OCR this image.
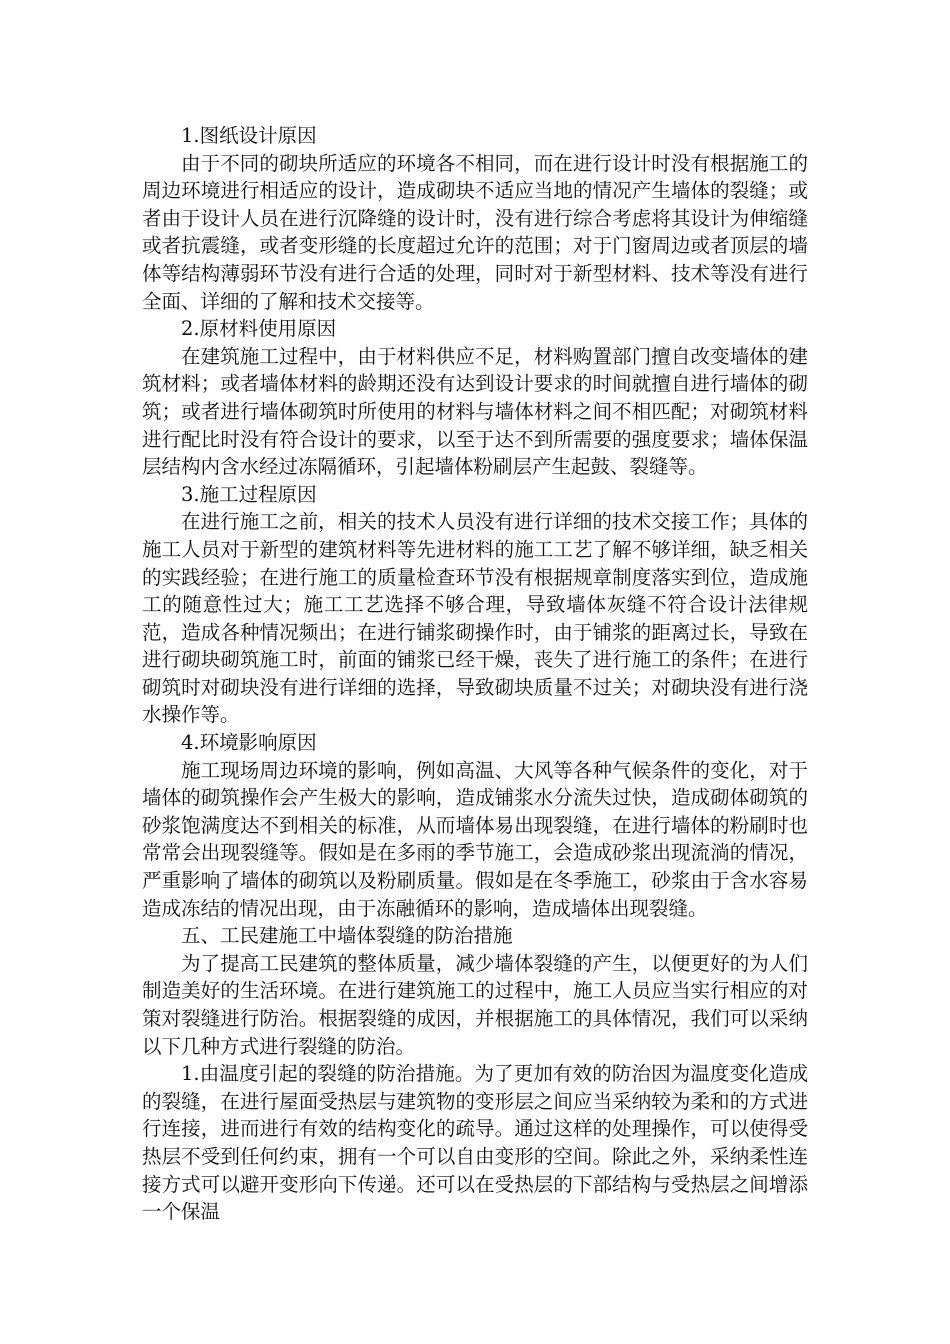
1.图纸设计原因

由于不同的砌块所适应的环境各不相同，而在进行设计时没有根据施工的周边环境进行相适应的设计，造成砌块不适应当地的情况产生墙体的裂缝；或者由于设计人员在进行沉降缝的设计时，没有进行综合考虑将其设计为伸缩缝或者抗震缝，或者变形缝的长度超过允许的范围；对于门窗周边或者顶层的墙体等结构薄弱环节没有进行合适的处理，同时对于新型材料、技术等没有进行全面、详细的了解和技术交接等。

2.原材料使用原因

在建筑施工过程中，由于材料供应不足，材料购置部门擅自改变墙体的建筑材料；或者墙体材料的龄期还没有达到设计要求的时间就擅自进行墙体的砌筑；或者进行墙体砌筑时所使用的材料与墙体材料之间不相匹配；对砌筑材料进行配比时没有符合设计的要求，以至于达不到所需要的强度要求；墙体保温层结构内含水经过冻隔循环，引起墙体粉刷层产生起鼓、裂缝等。

3.施工过程原因

在进行施工之前，相关的技术人员没有进行详细的技术交接工作；具体的施工人员对于新型的建筑材料等先进材料的施工工艺了解不够详细，缺乏相关的实践经验；在进行施工的质量检查环节没有根据规章制度落实到位，造成施工的随意性过大；施工工艺选择不够合理，导致墙体灰缝不符合设计法律规范，造成各种情况频出；在进行铺浆砌操作时，由于铺浆的距离过长，导致在进行砌块砌筑施工时，前面的铺浆已经干燥，丧失了进行施工的条件；在进行砌筑时对砌块没有进行详细的选择，导致砌块质量不过关；对砌块没有进行浇水操作等。

4.环境影响原因

施工现场周边环境的影响，例如高温、大风等各种气候条件的变化，对于墙体的砌筑操作会产生极大的影响，造成铺浆水分流失过快，造成砌体砌筑的砂浆饱满度达不到相关的标准，从而墙体易出现裂缝，在进行墙体的粉刷时也常常会出现裂缝等。假如是在多雨的季节施工，会造成砂浆出现流淌的情况，严重影响了墙体的砌筑以及粉刷质量。假如是在冬季施工，砂浆由于含水容易造成冻结的情况出现，由于冻融循环的影响，造成墙体出现裂缝。

五、工民建施工中墙体裂缝的防治措施

为了提高工民建筑的整体质量，减少墙体裂缝的产生，以便更好的为人们制造美好的生活环境。在进行建筑施工的过程中，施工人员应当实行相应的对策对裂缝进行防治。根据裂缝的成因，并根据施工的具体情况，我们可以采纳以下几种方式进行裂缝的防治。

1.由温度引起的裂缝的防治措施。为了更加有效的防治因为温度变化造成的裂缝，在进行屋面受热层与建筑物的变形层之间应当采纳较为柔和的方式进行连接，进而进行有效的结构变化的疏导。通过这样的处理操作，可以使得受热层不受到任何约束，拥有一个可以自由变形的空间。除此之外，采纳柔性连接方式可以避开变形向下传递。还可以在受热层的下部结构与受热层之间增添一个保温
